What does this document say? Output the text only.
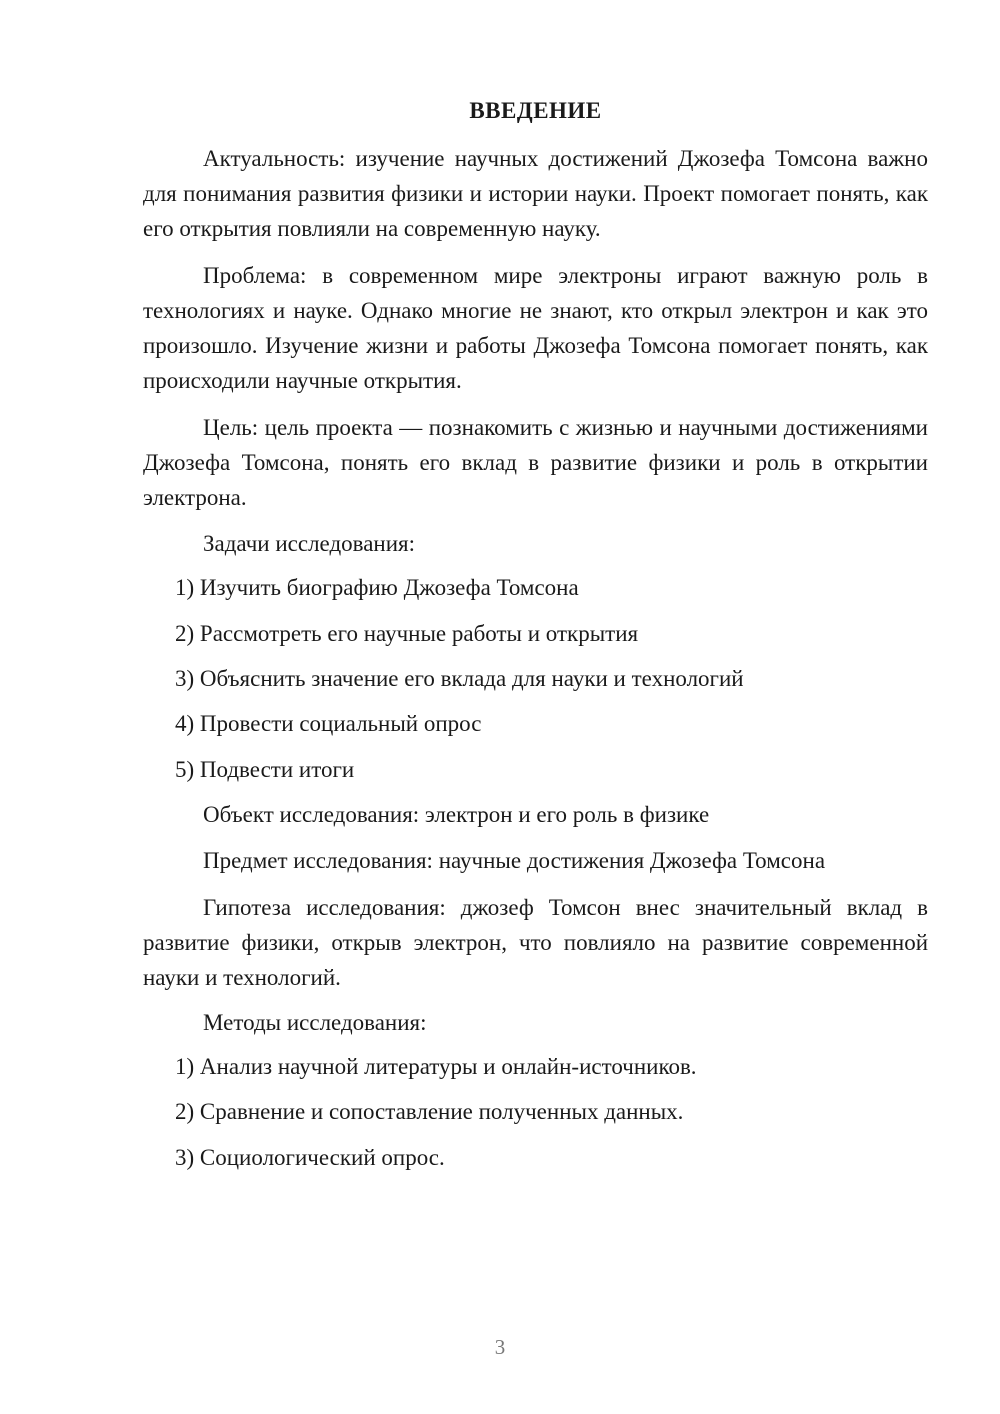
ВВЕДЕНИЕ

Актуальность: изучение научных достижений Джозефа Томсона важно для понимания развития физики и истории науки. Проект помогает понять, как его открытия повлияли на современную науку.

Проблема: в современном мире электроны играют важную роль в технологиях и науке. Однако многие не знают, кто открыл электрон и как это произошло. Изучение жизни и работы Джозефа Томсона помогает понять, как происходили научные открытия.

Цель: цель проекта — познакомить с жизнью и научными достижениями Джозефа Томсона, понять его вклад в развитие физики и роль в открытии электрона.

Задачи исследования:

1) Изучить биографию Джозефа Томсона

2) Рассмотреть его научные работы и открытия

3) Объяснить значение его вклада для науки и технологий

4) Провести социальный опрос

5) Подвести итоги

Объект исследования: электрон и его роль в физике

Предмет исследования: научные достижения Джозефа Томсона

Гипотеза исследования: джозеф Томсон внес значительный вклад в развитие физики, открыв электрон, что повлияло на развитие современной науки и технологий.

Методы исследования:

1) Анализ научной литературы и онлайн-источников.

2) Сравнение и сопоставление полученных данных.

3) Социологический опрос.

3
